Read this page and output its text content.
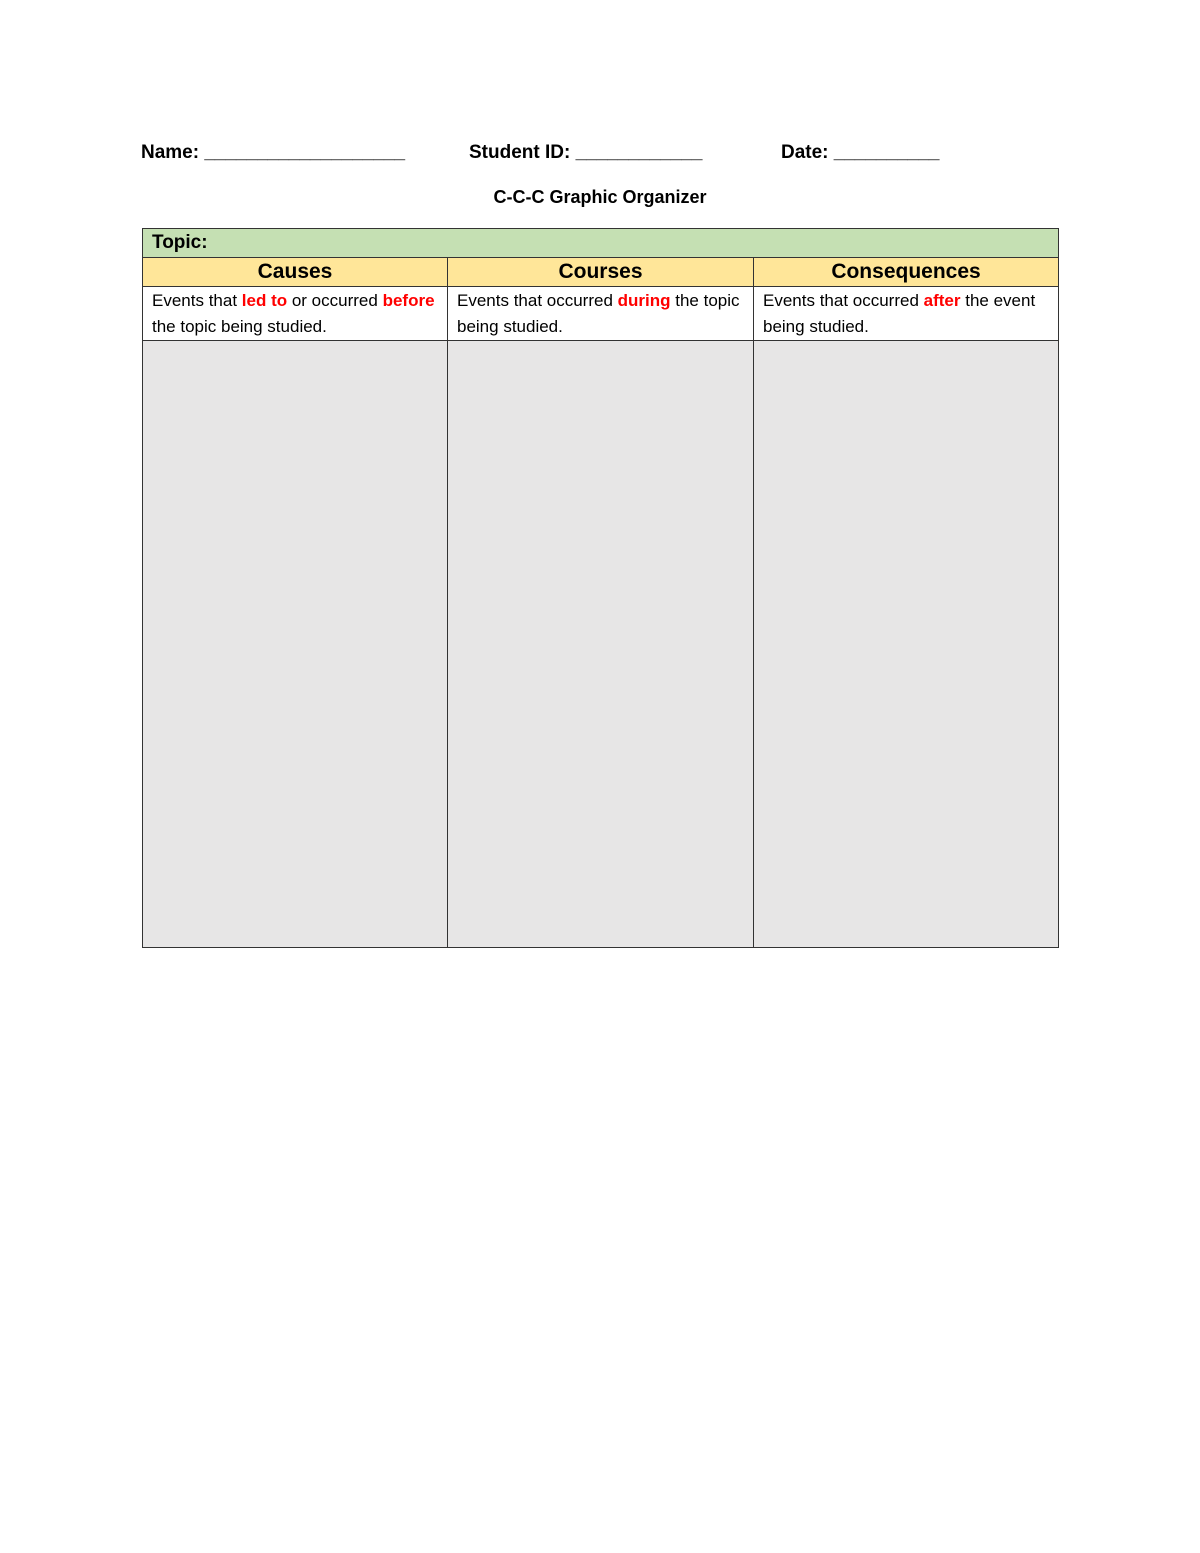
Name: ___________________	Student ID: ____________	Date: __________
C-C-C Graphic Organizer
Topic:		
Causes	Courses	Consequences
Events that led to or occurred before the topic being studied.	Events that occurred during the topic being studied.	Events that occurred after the event being studied.
